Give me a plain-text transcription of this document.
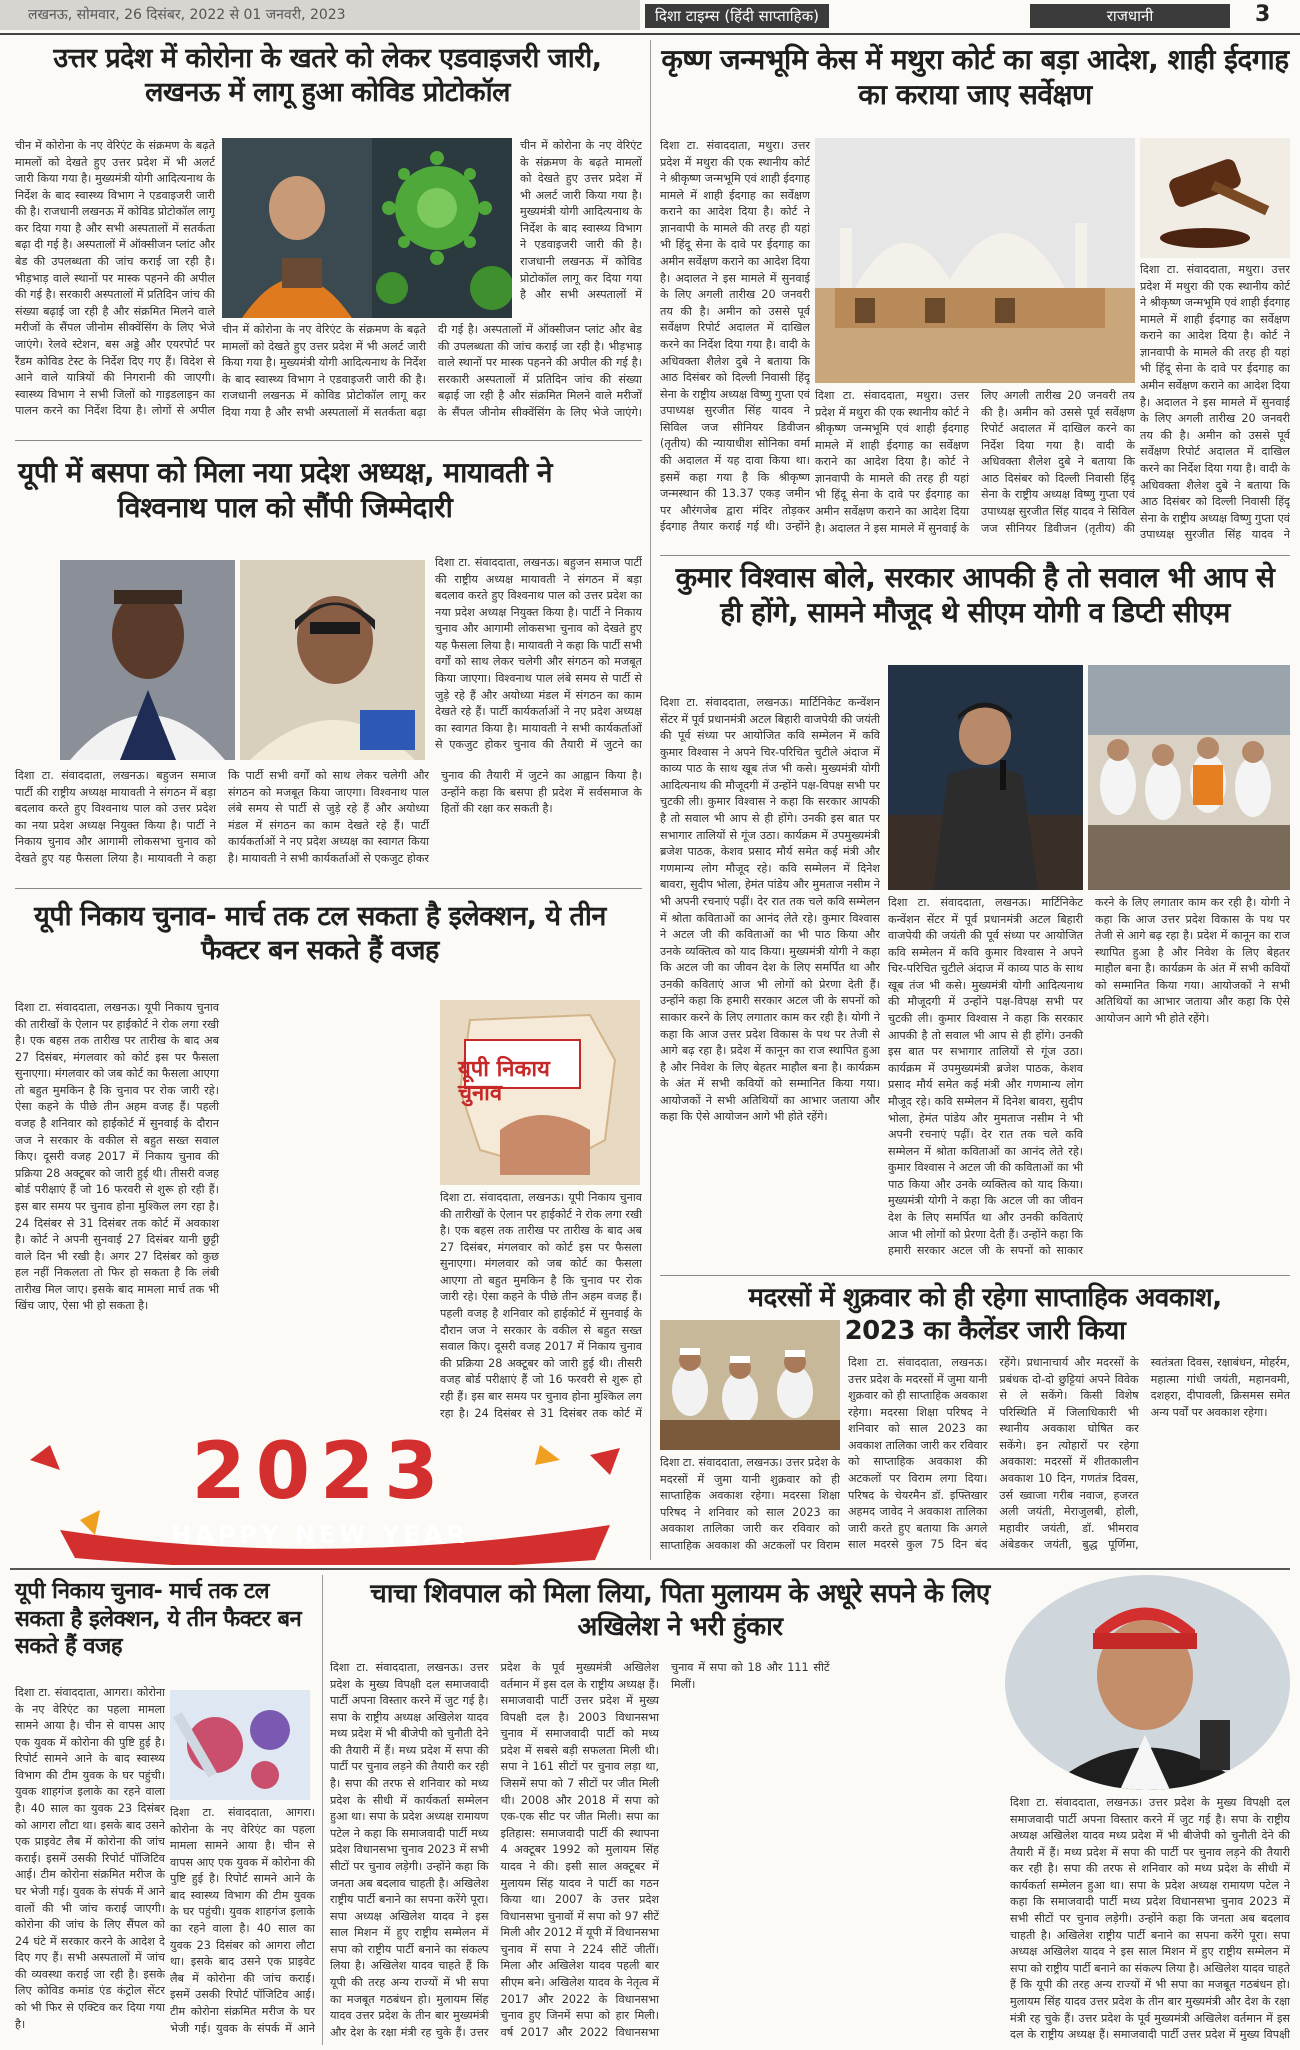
लखनऊ, सोमवार, 26 दिसंबर, 2022 से 01 जनवरी, 2023	दिशा टाइम्स (हिंदी साप्ताहिक)	राजधानी	3
उत्तर प्रदेश में कोरोना के खतरे को लेकर एडवाइजरी जारी, लखनऊ में लागू हुआ कोविड प्रोटोकॉल
चीन में कोरोना के नए वेरिएंट के संक्रमण के बढ़ते मामलों को देखते हुए उत्तर प्रदेश में भी अलर्ट जारी किया गया है। मुख्यमंत्री योगी आदित्यनाथ के निर्देश के बाद स्वास्थ्य विभाग ने एडवाइजरी जारी की है। राजधानी लखनऊ में कोविड प्रोटोकॉल लागू कर दिया गया है और सभी अस्पतालों में सतर्कता बढ़ा दी गई है। अस्पतालों में ऑक्सीजन प्लांट और बेड की उपलब्धता की जांच कराई जा रही है। भीड़भाड़ वाले स्थानों पर मास्क पहनने की अपील की गई है। सरकारी अस्पतालों में प्रतिदिन जांच की संख्या बढ़ाई जा रही है और संक्रमित मिलने वाले मरीजों के सैंपल जीनोम सीक्वेंसिंग के लिए भेजे जाएंगे। रेलवे स्टेशन, बस अड्डे और एयरपोर्ट पर रैंडम कोविड टेस्ट के निर्देश दिए गए हैं। विदेश से आने वाले यात्रियों की निगरानी की जाएगी। स्वास्थ्य विभाग ने सभी जिलों को गाइडलाइन का पालन करने का निर्देश दिया है। लोगों से अपील
चीन में कोरोना के नए वेरिएंट के संक्रमण के बढ़ते मामलों को देखते हुए उत्तर प्रदेश में भी अलर्ट जारी किया गया है। मुख्यमंत्री योगी आदित्यनाथ के निर्देश के बाद स्वास्थ्य विभाग ने एडवाइजरी जारी की है। राजधानी लखनऊ में कोविड प्रोटोकॉल लागू कर दिया गया है और सभी अस्पतालों में
चीन में कोरोना के नए वेरिएंट के संक्रमण के बढ़ते मामलों को देखते हुए उत्तर प्रदेश में भी अलर्ट जारी किया गया है। मुख्यमंत्री योगी आदित्यनाथ के निर्देश के बाद स्वास्थ्य विभाग ने एडवाइजरी जारी की है। राजधानी लखनऊ में कोविड प्रोटोकॉल लागू कर दिया गया है और सभी अस्पतालों में सतर्कता बढ़ा दी गई है। अस्पतालों में ऑक्सीजन प्लांट और बेड की उपलब्धता की जांच कराई जा रही है। भीड़भाड़ वाले स्थानों पर मास्क पहनने की अपील की गई है। सरकारी अस्पतालों में प्रतिदिन जांच की संख्या बढ़ाई जा रही है और संक्रमित मिलने वाले मरीजों के सैंपल जीनोम सीक्वेंसिंग के लिए भेजे जाएंगे।
यूपी में बसपा को मिला नया प्रदेश अध्यक्ष, मायावती ने विश्वनाथ पाल को सौंपी जिम्मेदारी
दिशा टा. संवाददाता, लखनऊ। बहुजन समाज पार्टी की राष्ट्रीय अध्यक्ष मायावती ने संगठन में बड़ा बदलाव करते हुए विश्वनाथ पाल को उत्तर प्रदेश का नया प्रदेश अध्यक्ष नियुक्त किया है। पार्टी ने निकाय चुनाव और आगामी लोकसभा चुनाव को देखते हुए यह फैसला लिया है। मायावती ने कहा कि पार्टी सभी वर्गों को साथ लेकर चलेगी और संगठन को मजबूत किया जाएगा। विश्वनाथ पाल लंबे समय से पार्टी से जुड़े रहे हैं और अयोध्या मंडल में संगठन का काम देखते रहे हैं। पार्टी कार्यकर्ताओं ने नए प्रदेश अध्यक्ष का स्वागत किया है। मायावती ने सभी कार्यकर्ताओं से एकजुट होकर चुनाव की तैयारी में जुटने का
दिशा टा. संवाददाता, लखनऊ। बहुजन समाज पार्टी की राष्ट्रीय अध्यक्ष मायावती ने संगठन में बड़ा बदलाव करते हुए विश्वनाथ पाल को उत्तर प्रदेश का नया प्रदेश अध्यक्ष नियुक्त किया है। पार्टी ने निकाय चुनाव और आगामी लोकसभा चुनाव को देखते हुए यह फैसला लिया है। मायावती ने कहा कि पार्टी सभी वर्गों को साथ लेकर चलेगी और संगठन को मजबूत किया जाएगा। विश्वनाथ पाल लंबे समय से पार्टी से जुड़े रहे हैं और अयोध्या मंडल में संगठन का काम देखते रहे हैं। पार्टी कार्यकर्ताओं ने नए प्रदेश अध्यक्ष का स्वागत किया है। मायावती ने सभी कार्यकर्ताओं से एकजुट होकर चुनाव की तैयारी में जुटने का आह्वान किया है। उन्होंने कहा कि बसपा ही प्रदेश में सर्वसमाज के हितों की रक्षा कर सकती है।
यूपी निकाय चुनाव- मार्च तक टल सकता है इलेक्शन, ये तीन फैक्टर बन सकते हैं वजह
दिशा टा. संवाददाता, लखनऊ। यूपी निकाय चुनाव की तारीखों के ऐलान पर हाईकोर्ट ने रोक लगा रखी है। एक बहस तक तारीख पर तारीख के बाद अब 27 दिसंबर, मंगलवार को कोर्ट इस पर फैसला सुनाएगा। मंगलवार को जब कोर्ट का फैसला आएगा तो बहुत मुमकिन है कि चुनाव पर रोक जारी रहे। ऐसा कहने के पीछे तीन अहम वजह हैं। पहली वजह है शनिवार को हाईकोर्ट में सुनवाई के दौरान जज ने सरकार के वकील से बहुत सख्त सवाल किए। दूसरी वजह 2017 में निकाय चुनाव की प्रक्रिया 28 अक्टूबर को जारी हुई थी। तीसरी वजह बोर्ड परीक्षाएं हैं जो 16 फरवरी से शुरू हो रही हैं। इस बार समय पर चुनाव होना मुश्किल लग रहा है। 24 दिसंबर से 31 दिसंबर तक कोर्ट में अवकाश है। कोर्ट ने अपनी सुनवाई 27 दिसंबर यानी छुट्टी वाले दिन भी रखी है। अगर 27 दिसंबर को कुछ हल नहीं निकलता तो फिर हो सकता है कि लंबी तारीख मिल जाए। इसके बाद मामला मार्च तक भी खिंच जाए, ऐसा भी हो सकता है।
यूपी निकाय चुनाव
दिशा टा. संवाददाता, लखनऊ। यूपी निकाय चुनाव की तारीखों के ऐलान पर हाईकोर्ट ने रोक लगा रखी है। एक बहस तक तारीख पर तारीख के बाद अब 27 दिसंबर, मंगलवार को कोर्ट इस पर फैसला सुनाएगा। मंगलवार को जब कोर्ट का फैसला आएगा तो बहुत मुमकिन है कि चुनाव पर रोक जारी रहे। ऐसा कहने के पीछे तीन अहम वजह हैं। पहली वजह है शनिवार को हाईकोर्ट में सुनवाई के दौरान जज ने सरकार के वकील से बहुत सख्त सवाल किए। दूसरी वजह 2017 में निकाय चुनाव की प्रक्रिया 28 अक्टूबर को जारी हुई थी। तीसरी वजह बोर्ड परीक्षाएं हैं जो 16 फरवरी से शुरू हो रही हैं। इस बार समय पर चुनाव होना मुश्किल लग रहा है। 24 दिसंबर से 31 दिसंबर तक कोर्ट में
2023
HAPPY NEW YEAR
कृष्ण जन्मभूमि केस में मथुरा कोर्ट का बड़ा आदेश, शाही ईदगाह का कराया जाए सर्वेक्षण
दिशा टा. संवाददाता, मथुरा। उत्तर प्रदेश में मथुरा की एक स्थानीय कोर्ट ने श्रीकृष्ण जन्मभूमि एवं शाही ईदगाह मामले में शाही ईदगाह का सर्वेक्षण कराने का आदेश दिया है। कोर्ट ने ज्ञानवापी के मामले की तरह ही यहां भी हिंदू सेना के दावे पर ईदगाह का अमीन सर्वेक्षण कराने का आदेश दिया है। अदालत ने इस मामले में सुनवाई के लिए अगली तारीख 20 जनवरी तय की है। अमीन को उससे पूर्व सर्वेक्षण रिपोर्ट अदालत में दाखिल करने का निर्देश दिया गया है। वादी के अधिवक्ता शैलेश दुबे ने बताया कि आठ दिसंबर को दिल्ली निवासी हिंदू सेना के राष्ट्रीय अध्यक्ष विष्णु गुप्ता एवं उपाध्यक्ष सुरजीत सिंह यादव ने सिविल जज सीनियर डिवीजन (तृतीय) की न्यायाधीश सोनिका वर्मा की अदालत में यह दावा किया था। इसमें कहा गया है कि श्रीकृष्ण जन्मस्थान की 13.37 एकड़ जमीन पर औरंगजेब द्वारा मंदिर तोड़कर ईदगाह तैयार कराई गई थी। उन्होंने
दिशा टा. संवाददाता, मथुरा। उत्तर प्रदेश में मथुरा की एक स्थानीय कोर्ट ने श्रीकृष्ण जन्मभूमि एवं शाही ईदगाह मामले में शाही ईदगाह का सर्वेक्षण कराने का आदेश दिया है। कोर्ट ने ज्ञानवापी के मामले की तरह ही यहां भी हिंदू सेना के दावे पर ईदगाह का अमीन सर्वेक्षण कराने का आदेश दिया है। अदालत ने इस मामले में सुनवाई के लिए अगली तारीख 20 जनवरी तय की है। अमीन को उससे पूर्व सर्वेक्षण रिपोर्ट अदालत में दाखिल करने का निर्देश दिया गया है। वादी के अधिवक्ता शैलेश दुबे ने बताया कि आठ दिसंबर को दिल्ली निवासी हिंदू सेना के राष्ट्रीय अध्यक्ष विष्णु गुप्ता एवं उपाध्यक्ष सुरजीत सिंह यादव ने
दिशा टा. संवाददाता, मथुरा। उत्तर प्रदेश में मथुरा की एक स्थानीय कोर्ट ने श्रीकृष्ण जन्मभूमि एवं शाही ईदगाह मामले में शाही ईदगाह का सर्वेक्षण कराने का आदेश दिया है। कोर्ट ने ज्ञानवापी के मामले की तरह ही यहां भी हिंदू सेना के दावे पर ईदगाह का अमीन सर्वेक्षण कराने का आदेश दिया है। अदालत ने इस मामले में सुनवाई के लिए अगली तारीख 20 जनवरी तय की है। अमीन को उससे पूर्व सर्वेक्षण रिपोर्ट अदालत में दाखिल करने का निर्देश दिया गया है। वादी के अधिवक्ता शैलेश दुबे ने बताया कि आठ दिसंबर को दिल्ली निवासी हिंदू सेना के राष्ट्रीय अध्यक्ष विष्णु गुप्ता एवं उपाध्यक्ष सुरजीत सिंह यादव ने सिविल जज सीनियर डिवीजन (तृतीय) की
कुमार विश्वास बोले, सरकार आपकी है तो सवाल भी आप से ही होंगे, सामने मौजूद थे सीएम योगी व डिप्टी सीएम
दिशा टा. संवाददाता, लखनऊ। मार्टिनिकेट कन्वेंशन सेंटर में पूर्व प्रधानमंत्री अटल बिहारी वाजपेयी की जयंती की पूर्व संध्या पर आयोजित कवि सम्मेलन में कवि कुमार विश्वास ने अपने चिर-परिचित चुटीले अंदाज में काव्य पाठ के साथ खूब तंज भी कसे। मुख्यमंत्री योगी आदित्यनाथ की मौजूदगी में उन्होंने पक्ष-विपक्ष सभी पर चुटकी ली। कुमार विश्वास ने कहा कि सरकार आपकी है तो सवाल भी आप से ही होंगे। उनकी इस बात पर सभागार तालियों से गूंज उठा। कार्यक्रम में उपमुख्यमंत्री ब्रजेश पाठक, केशव प्रसाद मौर्य समेत कई मंत्री और गणमान्य लोग मौजूद रहे। कवि सम्मेलन में दिनेश बावरा, सुदीप भोला, हेमंत पांडेय और मुमताज नसीम ने भी अपनी रचनाएं पढ़ीं। देर रात तक चले कवि सम्मेलन में श्रोता कविताओं का आनंद लेते रहे। कुमार विश्वास ने अटल जी की कविताओं का भी पाठ किया और उनके व्यक्तित्व को याद किया। मुख्यमंत्री योगी ने कहा कि अटल जी का जीवन देश के लिए समर्पित था और उनकी कविताएं आज भी लोगों को प्रेरणा देती हैं। उन्होंने कहा कि हमारी सरकार अटल जी के सपनों को साकार करने के लिए लगातार काम कर रही है। योगी ने कहा कि आज उत्तर प्रदेश विकास के पथ पर तेजी से आगे बढ़ रहा है। प्रदेश में कानून का राज स्थापित हुआ है और निवेश के लिए बेहतर माहौल बना है। कार्यक्रम के अंत में सभी कवियों को सम्मानित किया गया। आयोजकों ने सभी अतिथियों का आभार जताया और कहा कि ऐसे आयोजन आगे भी होते रहेंगे।
दिशा टा. संवाददाता, लखनऊ। मार्टिनिकेट कन्वेंशन सेंटर में पूर्व प्रधानमंत्री अटल बिहारी वाजपेयी की जयंती की पूर्व संध्या पर आयोजित कवि सम्मेलन में कवि कुमार विश्वास ने अपने चिर-परिचित चुटीले अंदाज में काव्य पाठ के साथ खूब तंज भी कसे। मुख्यमंत्री योगी आदित्यनाथ की मौजूदगी में उन्होंने पक्ष-विपक्ष सभी पर चुटकी ली। कुमार विश्वास ने कहा कि सरकार आपकी है तो सवाल भी आप से ही होंगे। उनकी इस बात पर सभागार तालियों से गूंज उठा। कार्यक्रम में उपमुख्यमंत्री ब्रजेश पाठक, केशव प्रसाद मौर्य समेत कई मंत्री और गणमान्य लोग मौजूद रहे। कवि सम्मेलन में दिनेश बावरा, सुदीप भोला, हेमंत पांडेय और मुमताज नसीम ने भी अपनी रचनाएं पढ़ीं। देर रात तक चले कवि सम्मेलन में श्रोता कविताओं का आनंद लेते रहे। कुमार विश्वास ने अटल जी की कविताओं का भी पाठ किया और उनके व्यक्तित्व को याद किया। मुख्यमंत्री योगी ने कहा कि अटल जी का जीवन देश के लिए समर्पित था और उनकी कविताएं आज भी लोगों को प्रेरणा देती हैं। उन्होंने कहा कि हमारी सरकार अटल जी के सपनों को साकार करने के लिए लगातार काम कर रही है। योगी ने कहा कि आज उत्तर प्रदेश विकास के पथ पर तेजी से आगे बढ़ रहा है। प्रदेश में कानून का राज स्थापित हुआ है और निवेश के लिए बेहतर माहौल बना है। कार्यक्रम के अंत में सभी कवियों को सम्मानित किया गया। आयोजकों ने सभी अतिथियों का आभार जताया और कहा कि ऐसे आयोजन आगे भी होते रहेंगे।
मदरसों में शुक्रवार को ही रहेगा साप्ताहिक अवकाश, 2023 का कैलेंडर जारी किया
दिशा टा. संवाददाता, लखनऊ। उत्तर प्रदेश के मदरसों में जुमा यानी शुक्रवार को ही साप्ताहिक अवकाश रहेगा। मदरसा शिक्षा परिषद ने शनिवार को साल 2023 का अवकाश तालिका जारी कर रविवार को साप्ताहिक अवकाश की अटकलों पर विराम
दिशा टा. संवाददाता, लखनऊ। उत्तर प्रदेश के मदरसों में जुमा यानी शुक्रवार को ही साप्ताहिक अवकाश रहेगा। मदरसा शिक्षा परिषद ने शनिवार को साल 2023 का अवकाश तालिका जारी कर रविवार को साप्ताहिक अवकाश की अटकलों पर विराम लगा दिया। परिषद के चेयरमैन डॉ. इफ्तिखार अहमद जावेद ने अवकाश तालिका जारी करते हुए बताया कि अगले साल मदरसे कुल 75 दिन बंद रहेंगे। प्रधानाचार्य और मदरसों के प्रबंधक दो-दो छुट्टियां अपने विवेक से ले सकेंगे। किसी विशेष परिस्थिति में जिलाधिकारी भी स्थानीय अवकाश घोषित कर सकेंगे। इन त्योहारों पर रहेगा अवकाश: मदरसों में शीतकालीन अवकाश 10 दिन, गणतंत्र दिवस, उर्स ख्वाजा गरीब नवाज, हजरत अली जयंती, मेराजुलबी, होली, महावीर जयंती, डॉ. भीमराव अंबेडकर जयंती, बुद्ध पूर्णिमा, स्वतंत्रता दिवस, रक्षाबंधन, मोहर्रम, महात्मा गांधी जयंती, महानवमी, दशहरा, दीपावली, क्रिसमस समेत अन्य पर्वों पर अवकाश रहेगा।
यूपी निकाय चुनाव- मार्च तक टल सकता है इलेक्शन, ये तीन फैक्टर बन सकते हैं वजह
दिशा टा. संवाददाता, आगरा। कोरोना के नए वेरिएंट का पहला मामला सामने आया है। चीन से वापस आए एक युवक में कोरोना की पुष्टि हुई है। रिपोर्ट सामने आने के बाद स्वास्थ्य विभाग की टीम युवक के घर पहुंची। युवक शाहगंज इलाके का रहने वाला है। 40 साल का युवक 23 दिसंबर को आगरा लौटा था। इसके बाद उसने एक प्राइवेट लैब में कोरोना की जांच कराई। इसमें उसकी रिपोर्ट पॉजिटिव आई। टीम कोरोना संक्रमित मरीज के घर भेजी गई। युवक के संपर्क में आने वालों की भी जांच कराई जाएगी। कोरोना की जांच के लिए सैंपल को 24 घंटे में सरकार करने के आदेश दे दिए गए हैं। सभी अस्पतालों में जांच की व्यवस्था कराई जा रही है। इसके लिए कोविड कमांड एंड कंट्रोल सेंटर को भी फिर से एक्टिव कर दिया गया है।
दिशा टा. संवाददाता, आगरा। कोरोना के नए वेरिएंट का पहला मामला सामने आया है। चीन से वापस आए एक युवक में कोरोना की पुष्टि हुई है। रिपोर्ट सामने आने के बाद स्वास्थ्य विभाग की टीम युवक के घर पहुंची। युवक शाहगंज इलाके का रहने वाला है। 40 साल का युवक 23 दिसंबर को आगरा लौटा था। इसके बाद उसने एक प्राइवेट लैब में कोरोना की जांच कराई। इसमें उसकी रिपोर्ट पॉजिटिव आई। टीम कोरोना संक्रमित मरीज के घर भेजी गई। युवक के संपर्क में आने
चाचा शिवपाल को मिला लिया, पिता मुलायम के अधूरे सपने के लिए अखिलेश ने भरी हुंकार
दिशा टा. संवाददाता, लखनऊ। उत्तर प्रदेश के मुख्य विपक्षी दल समाजवादी पार्टी अपना विस्तार करने में जुट गई है। सपा के राष्ट्रीय अध्यक्ष अखिलेश यादव मध्य प्रदेश में भी बीजेपी को चुनौती देने की तैयारी में हैं। मध्य प्रदेश में सपा की पार्टी पर चुनाव लड़ने की तैयारी कर रही है। सपा की तरफ से शनिवार को मध्य प्रदेश के सीधी में कार्यकर्ता सम्मेलन हुआ था। सपा के प्रदेश अध्यक्ष रामायण पटेल ने कहा कि समाजवादी पार्टी मध्य प्रदेश विधानसभा चुनाव 2023 में सभी सीटों पर चुनाव लड़ेगी। उन्होंने कहा कि जनता अब बदलाव चाहती है। अखिलेश राष्ट्रीय पार्टी बनाने का सपना करेंगे पूरा। सपा अध्यक्ष अखिलेश यादव ने इस साल मिशन में हुए राष्ट्रीय सम्मेलन में सपा को राष्ट्रीय पार्टी बनाने का संकल्प लिया है। अखिलेश यादव चाहते हैं कि यूपी की तरह अन्य राज्यों में भी सपा का मजबूत गठबंधन हो। मुलायम सिंह यादव उत्तर प्रदेश के तीन बार मुख्यमंत्री और देश के रक्षा मंत्री रह चुके हैं। उत्तर प्रदेश के पूर्व मुख्यमंत्री अखिलेश वर्तमान में इस दल के राष्ट्रीय अध्यक्ष हैं। समाजवादी पार्टी उत्तर प्रदेश में मुख्य विपक्षी दल है। 2003 विधानसभा चुनाव में समाजवादी पार्टी को मध्य प्रदेश में सबसे बड़ी सफलता मिली थी। सपा ने 161 सीटों पर चुनाव लड़ा था, जिसमें सपा को 7 सीटों पर जीत मिली थी। 2008 और 2018 में सपा को एक-एक सीट पर जीत मिली। सपा का इतिहास: समाजवादी पार्टी की स्थापना 4 अक्टूबर 1992 को मुलायम सिंह यादव ने की। इसी साल अक्टूबर में मुलायम सिंह यादव ने पार्टी का गठन किया था। 2007 के उत्तर प्रदेश विधानसभा चुनावों में सपा को 97 सीटें मिली और 2012 में यूपी में विधानसभा चुनाव में सपा ने 224 सीटें जीतीं। मिला और अखिलेश यादव पहली बार सीएम बने। अखिलेश यादव के नेतृत्व में 2017 और 2022 के विधानसभा चुनाव हुए जिनमें सपा को हार मिली। वर्ष 2017 और 2022 विधानसभा चुनाव में सपा को 18 और 111 सीटें मिलीं।
दिशा टा. संवाददाता, लखनऊ। उत्तर प्रदेश के मुख्य विपक्षी दल समाजवादी पार्टी अपना विस्तार करने में जुट गई है। सपा के राष्ट्रीय अध्यक्ष अखिलेश यादव मध्य प्रदेश में भी बीजेपी को चुनौती देने की तैयारी में हैं। मध्य प्रदेश में सपा की पार्टी पर चुनाव लड़ने की तैयारी कर रही है। सपा की तरफ से शनिवार को मध्य प्रदेश के सीधी में कार्यकर्ता सम्मेलन हुआ था। सपा के प्रदेश अध्यक्ष रामायण पटेल ने कहा कि समाजवादी पार्टी मध्य प्रदेश विधानसभा चुनाव 2023 में सभी सीटों पर चुनाव लड़ेगी। उन्होंने कहा कि जनता अब बदलाव चाहती है। अखिलेश राष्ट्रीय पार्टी बनाने का सपना करेंगे पूरा। सपा अध्यक्ष अखिलेश यादव ने इस साल मिशन में हुए राष्ट्रीय सम्मेलन में सपा को राष्ट्रीय पार्टी बनाने का संकल्प लिया है। अखिलेश यादव चाहते हैं कि यूपी की तरह अन्य राज्यों में भी सपा का मजबूत गठबंधन हो। मुलायम सिंह यादव उत्तर प्रदेश के तीन बार मुख्यमंत्री और देश के रक्षा मंत्री रह चुके हैं। उत्तर प्रदेश के पूर्व मुख्यमंत्री अखिलेश वर्तमान में इस दल के राष्ट्रीय अध्यक्ष हैं। समाजवादी पार्टी उत्तर प्रदेश में मुख्य विपक्षी
